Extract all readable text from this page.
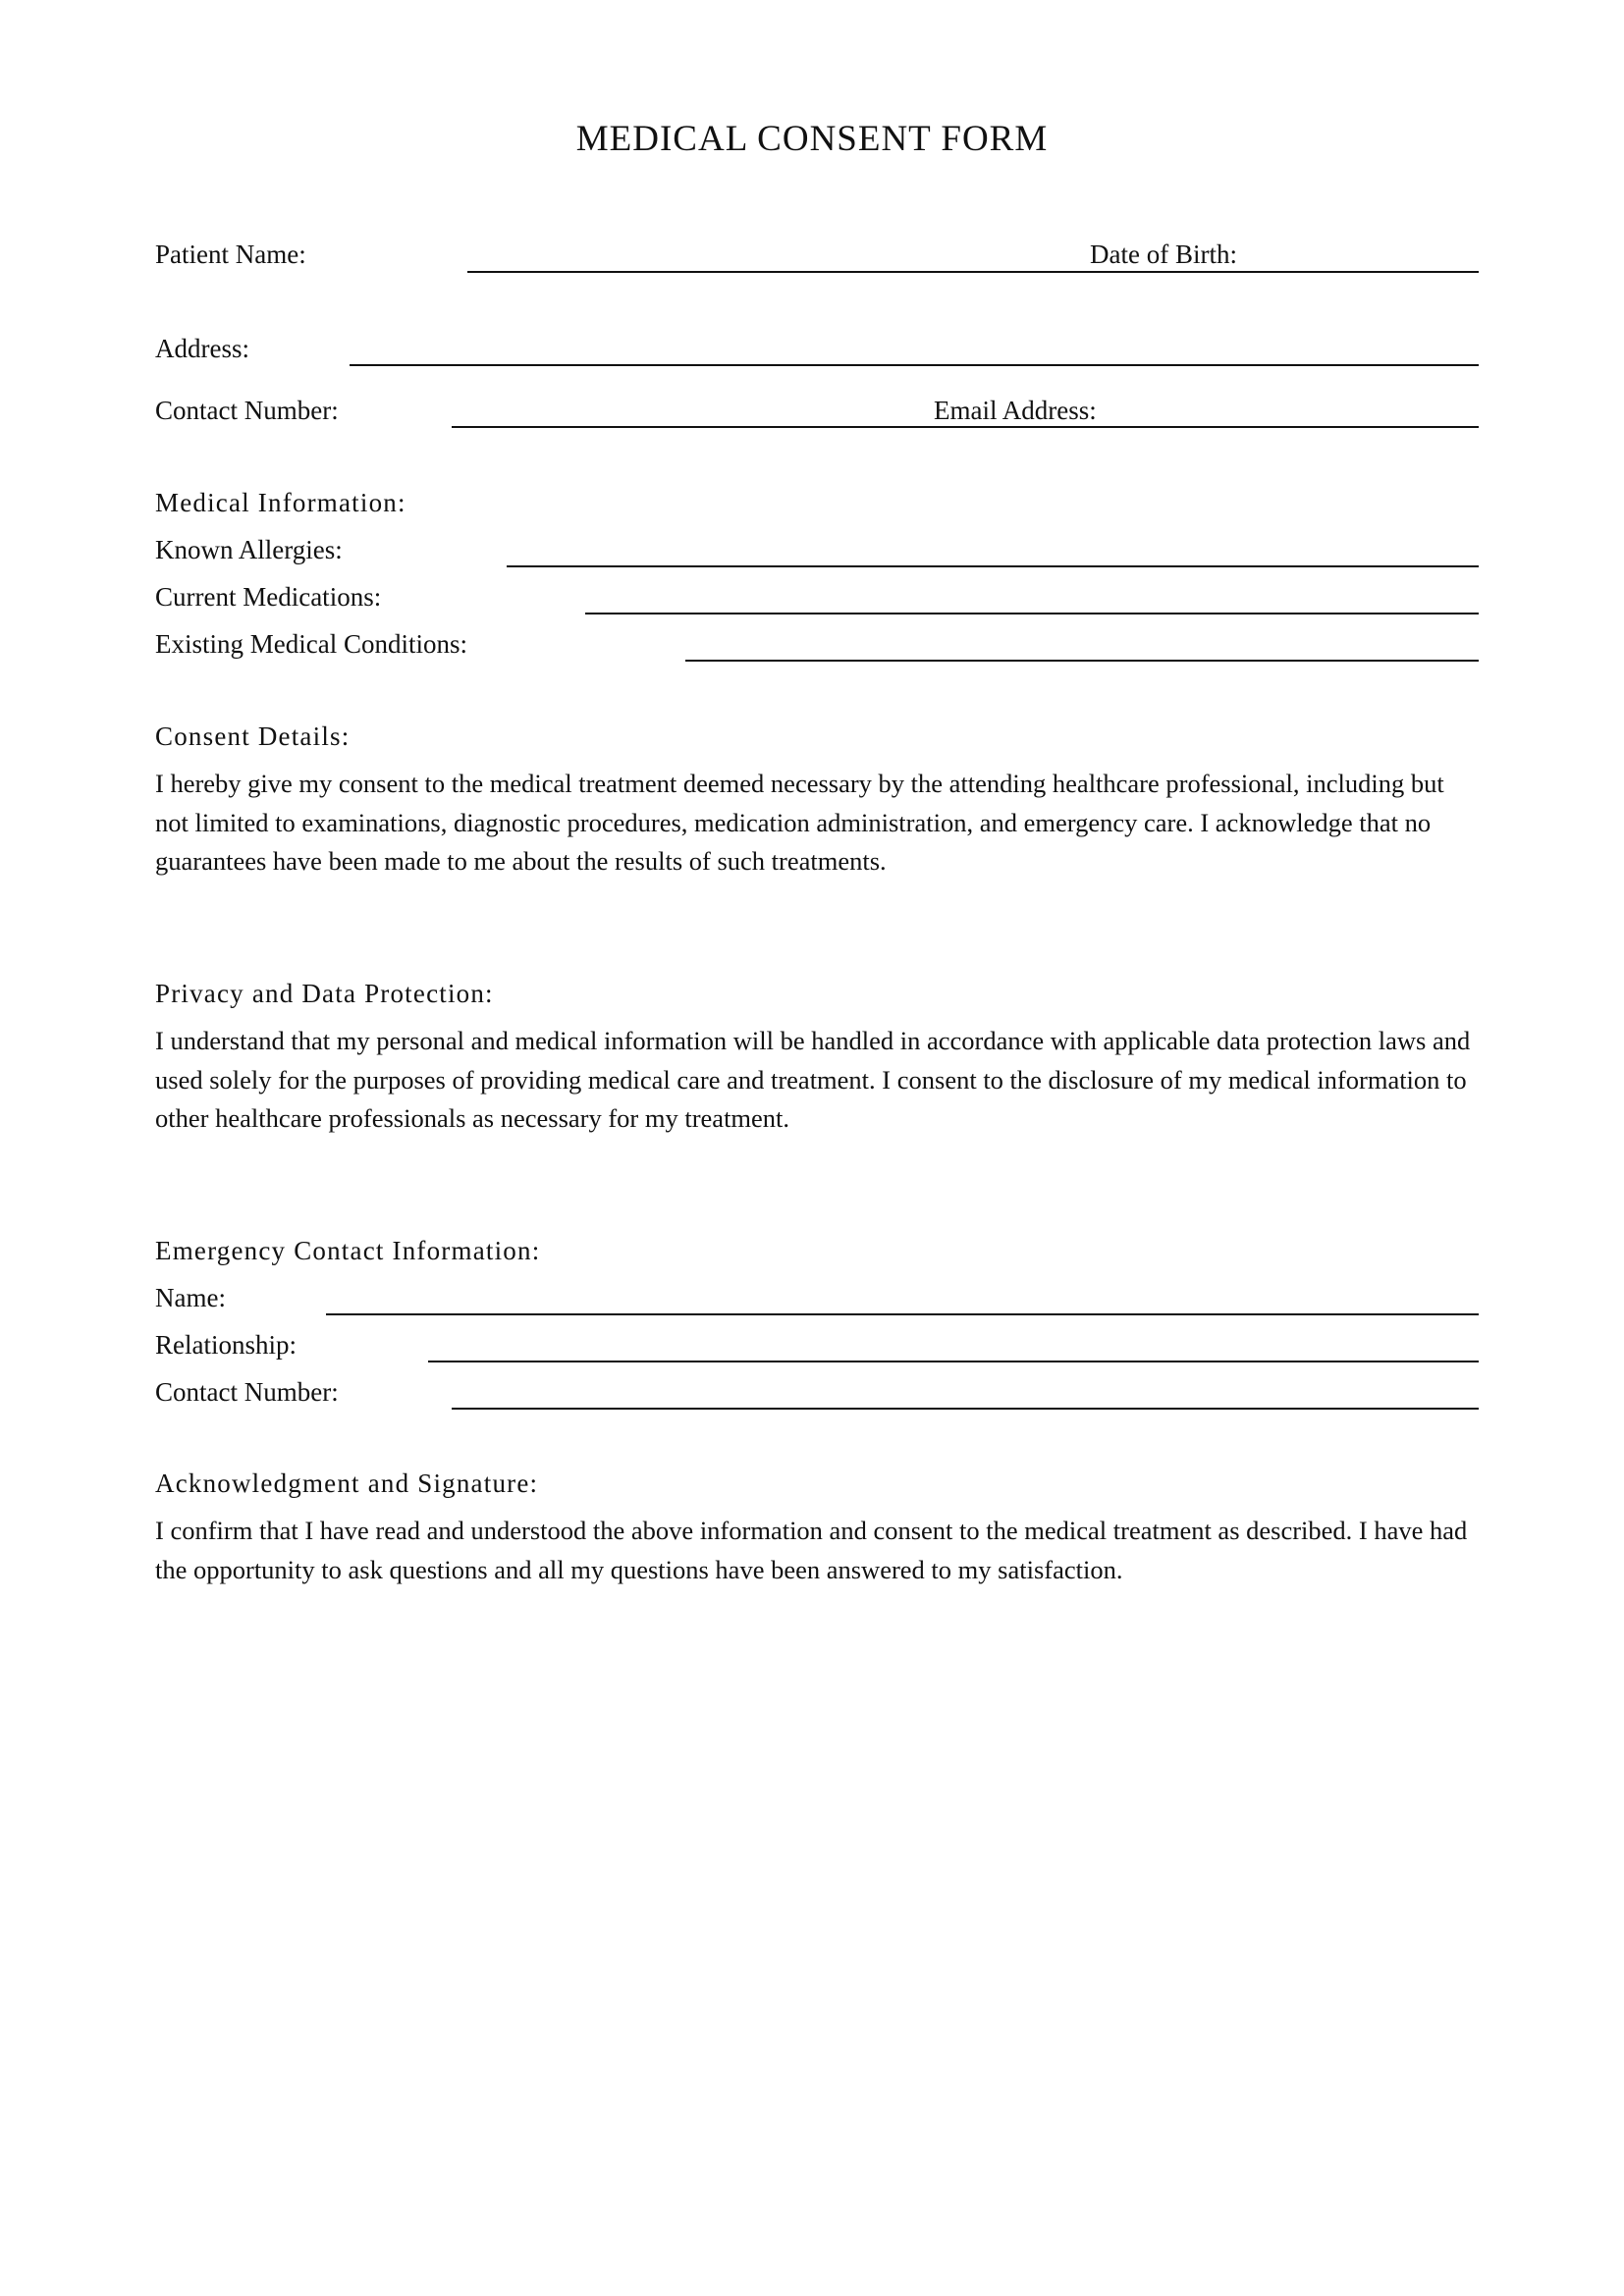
MEDICAL CONSENT FORM
Patient Name:	Date of Birth:
Address:
Contact Number:	Email Address:
Medical Information:
Known Allergies:
Current Medications:
Existing Medical Conditions:
Consent Details:

I hereby give my consent to the medical treatment deemed necessary by the attending healthcare professional, including but not limited to examinations, diagnostic procedures, medication administration, and emergency care. I acknowledge that no guarantees have been made to me about the results of such treatments.

Privacy and Data Protection:

I understand that my personal and medical information will be handled in accordance with applicable data protection laws and used solely for the purposes of providing medical care and treatment. I consent to the disclosure of my medical information to other healthcare professionals as necessary for my treatment.

Emergency Contact Information:
Name:
Relationship:
Contact Number:
Acknowledgment and Signature:

I confirm that I have read and understood the above information and consent to the medical treatment as described. I have had the opportunity to ask questions and all my questions have been answered to my satisfaction.
